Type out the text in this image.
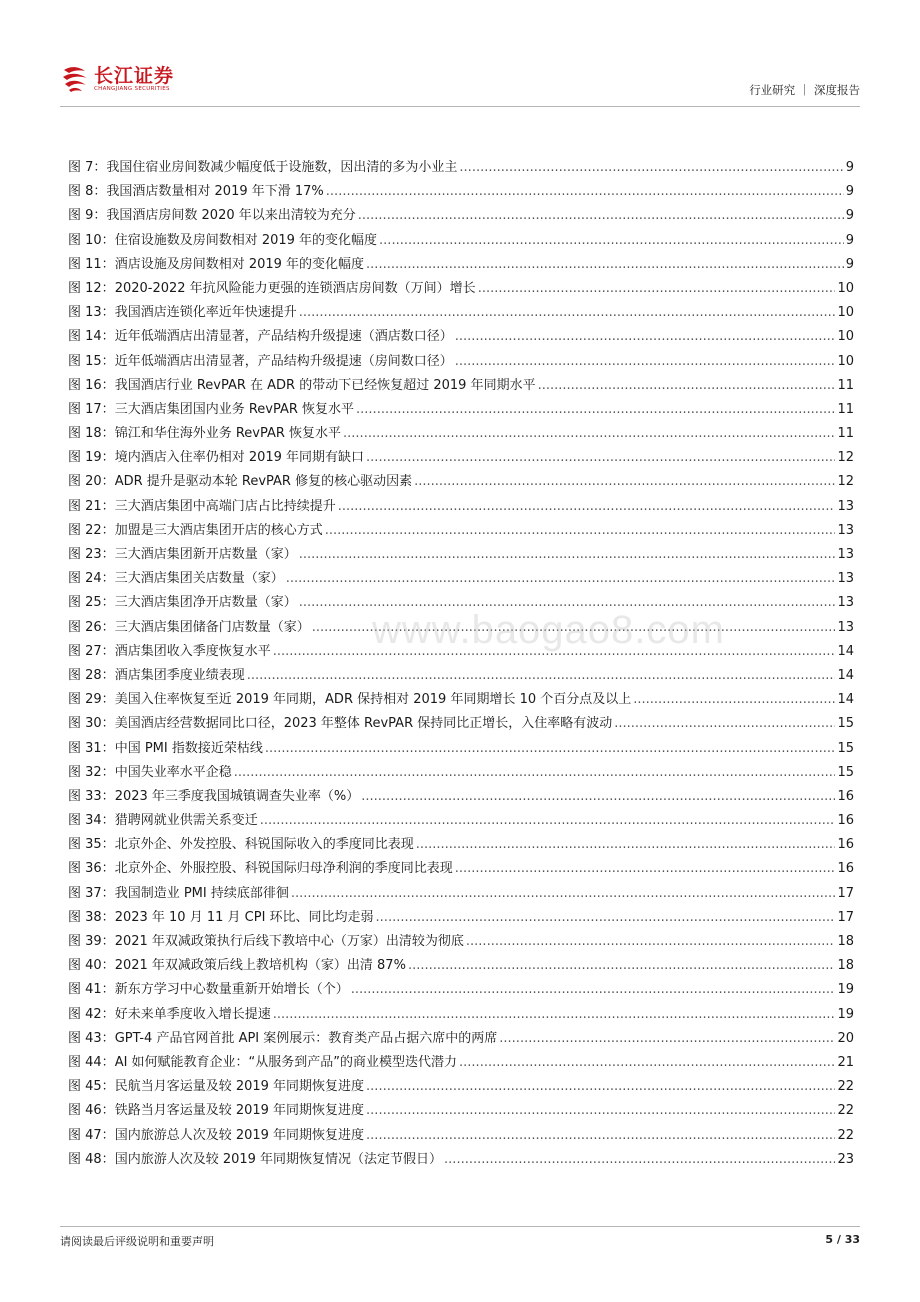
长江证券
CHANGJIANG SECURITIES	行业研究 ｜ 深度报告
图 7： 我国住宿业房间数减少幅度低于设施数，因出清的多为小业主 .....	9
图 8： 我国酒店数量相对 2019 年下滑 17% .....	9
图 9： 我国酒店房间数 2020 年以来出清较为充分 .....	9
图 10： 住宿设施数及房间数相对 2019 年的变化幅度 .....	9
图 11： 酒店设施及房间数相对 2019 年的变化幅度 .....	9
图 12： 2020-2022 年抗风险能力更强的连锁酒店房间数（万间）增长 .....	10
图 13： 我国酒店连锁化率近年快速提升 .....	10
图 14： 近年低端酒店出清显著，产品结构升级提速（酒店数口径） .....	10
图 15： 近年低端酒店出清显著，产品结构升级提速（房间数口径） .....	10
图 16： 我国酒店行业 RevPAR 在 ADR 的带动下已经恢复超过 2019 年同期水平 .....	11
图 17： 三大酒店集团国内业务 RevPAR 恢复水平 .....	11
图 18： 锦江和华住海外业务 RevPAR 恢复水平 .....	11
图 19： 境内酒店入住率仍相对 2019 年同期有缺口 .....	12
图 20： ADR 提升是驱动本轮 RevPAR 修复的核心驱动因素 .....	12
图 21： 三大酒店集团中高端门店占比持续提升 .....	13
图 22： 加盟是三大酒店集团开店的核心方式 .....	13
图 23： 三大酒店集团新开店数量（家） .....	13
图 24： 三大酒店集团关店数量（家） .....	13
图 25： 三大酒店集团净开店数量（家） .....	13
图 26： 三大酒店集团储备门店数量（家） .....	13
图 27： 酒店集团收入季度恢复水平 .....	14
图 28： 酒店集团季度业绩表现 .....	14
图 29： 美国入住率恢复至近 2019 年同期，ADR 保持相对 2019 年同期增长 10 个百分点及以上 .....	14
图 30： 美国酒店经营数据同比口径，2023 年整体 RevPAR 保持同比正增长，入住率略有波动 .....	15
图 31： 中国 PMI 指数接近荣枯线 .....	15
图 32： 中国失业率水平企稳 .....	15
图 33： 2023 年三季度我国城镇调查失业率（%） .....	16
图 34： 猎聘网就业供需关系变迁 .....	16
图 35： 北京外企、外发控股、科锐国际收入的季度同比表现 .....	16
图 36： 北京外企、外服控股、科锐国际归母净利润的季度同比表现 .....	16
图 37： 我国制造业 PMI 持续底部徘徊 .....	17
图 38： 2023 年 10 月 11 月 CPI 环比、同比均走弱 .....	17
图 39： 2021 年双减政策执行后线下教培中心（万家）出清较为彻底 .....	18
图 40： 2021 年双减政策后线上教培机构（家）出清 87% .....	18
图 41： 新东方学习中心数量重新开始增长（个） .....	19
图 42： 好未来单季度收入增长提速 .....	19
图 43： GPT-4 产品官网首批 API 案例展示：教育类产品占据六席中的两席 .....	20
图 44： AI 如何赋能教育企业：“从服务到产品”的商业模型迭代潜力 .....	21
图 45： 民航当月客运量及较 2019 年同期恢复进度 .....	22
图 46： 铁路当月客运量及较 2019 年同期恢复进度 .....	22
图 47： 国内旅游总人次及较 2019 年同期恢复进度 .....	22
图 48： 国内旅游人次及较 2019 年同期恢复情况（法定节假日） .....	23
www.baogao8.com
请阅读最后评级说明和重要声明	5 / 33
